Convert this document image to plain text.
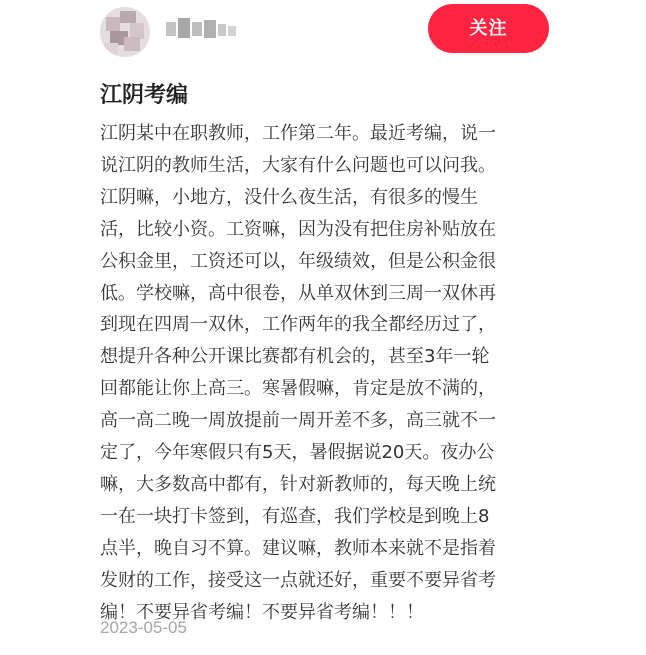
关注
江阴考编
江阴某中在职教师，工作第二年。最近考编，说一
说江阴的教师生活，大家有什么问题也可以问我。
江阴嘛，小地方，没什么夜生活，有很多的慢生
活，比较小资。工资嘛，因为没有把住房补贴放在
公积金里，工资还可以，年级绩效，但是公积金很
低。学校嘛，高中很卷，从单双休到三周一双休再
到现在四周一双休，工作两年的我全都经历过了，
想提升各种公开课比赛都有机会的，甚至3年一轮
回都能让你上高三。寒暑假嘛，肯定是放不满的，
高一高二晚一周放提前一周开差不多，高三就不一
定了，今年寒假只有5天，暑假据说20天。夜办公
嘛，大多数高中都有，针对新教师的，每天晚上统
一在一块打卡签到，有巡查，我们学校是到晚上8
点半，晚自习不算。建议嘛，教师本来就不是指着
发财的工作，接受这一点就还好，重要不要异省考
编！不要异省考编！不要异省考编！！！
2023-05-05
